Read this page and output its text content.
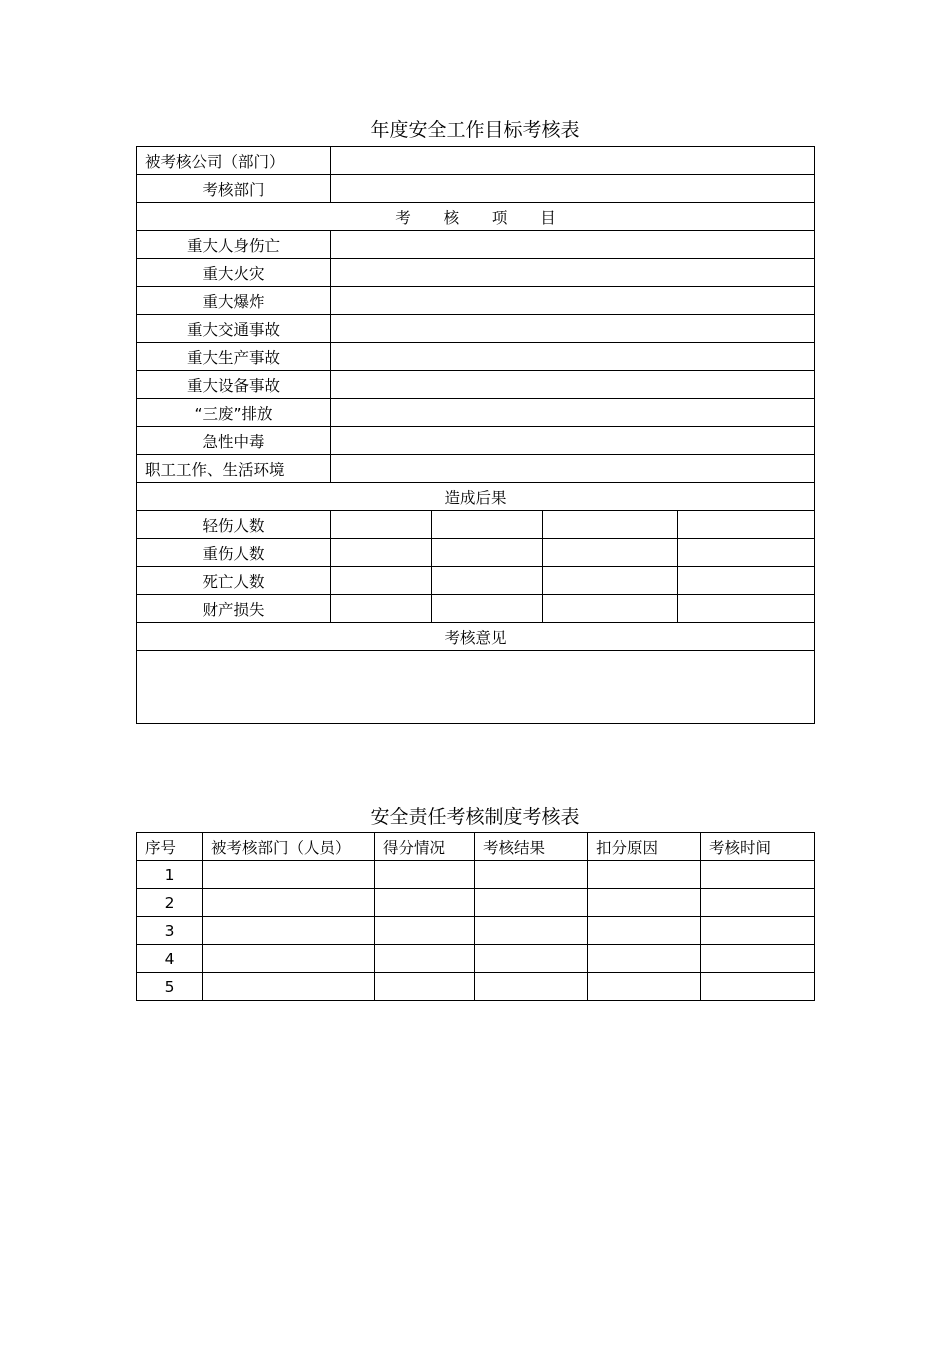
年度安全工作目标考核表
被考核公司（部门）				
考核部门				
考 核 项 目				
重大人身伤亡				
重大火灾				
重大爆炸				
重大交通事故				
重大生产事故				
重大设备事故				
“三废”排放				
急性中毒				
职工工作、生活环境				
造成后果				
轻伤人数				
重伤人数				
死亡人数				
财产损失				
考核意见				

安全责任考核制度考核表
序号	被考核部门（人员）	得分情况	考核结果	扣分原因	考核时间
1					
2					
3					
4					
5					
